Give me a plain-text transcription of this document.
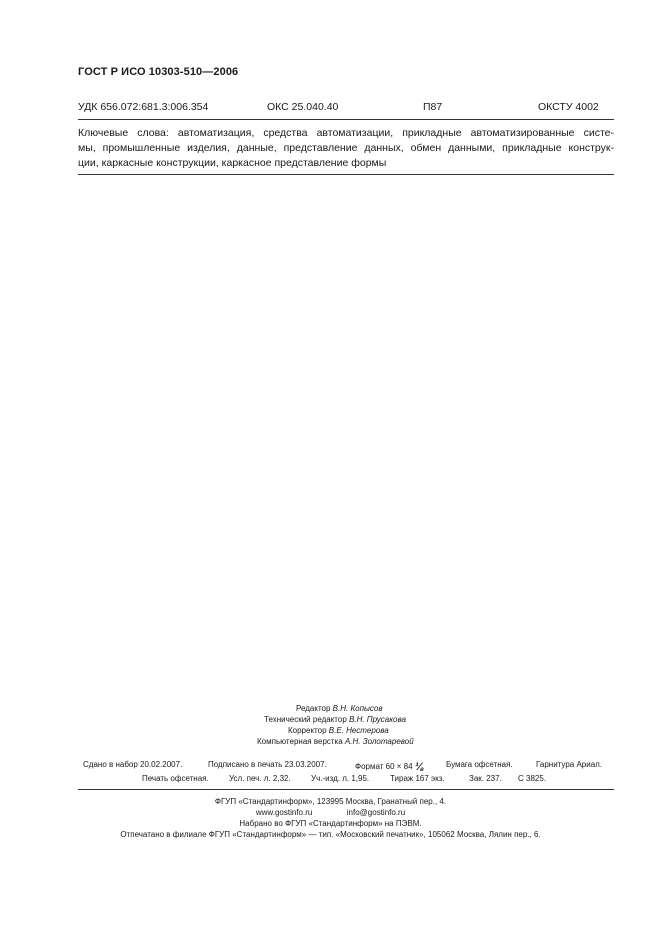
ГОСТ Р ИСО 10303-510—2006
УДК 656.072:681.3:006.354	ОКС 25.040.40	П87	ОКСТУ 4002
Ключевые слова: автоматизация, средства автоматизации, прикладные автоматизированные систе-
мы, промышленные изделия, данные, представление данных, обмен данными, прикладные конструк-
ции, каркасные конструкции, каркасное представление формы
Редактор В.Н. Копысов
Технический редактор В.Н. Прусакова
Корректор В.Е. Нестерова
Компьютерная верстка А.Н. Золотаревой
Сдано в набор 20.02.2007.	Подписано в печать 23.03.2007.	Формат 60 × 84 ⅛	Бумага офсетная.	Гарнитура Ариал.
Печать офсетная.	Усл. печ. л. 2,32.	Уч.-изд. л. 1,95.	Тираж 167 экз.	Зак. 237. С 3825.
ФГУП «Стандартинформ», 123995 Москва, Гранатный пер., 4.
www.gostinfo.ru	info@gostinfo.ru
Набрано во ФГУП «Стандартинформ» на ПЭВМ.
Отпечатано в филиале ФГУП «Стандартинформ» — тип. «Московский печатник», 105062 Москва, Лялин пер., 6.
